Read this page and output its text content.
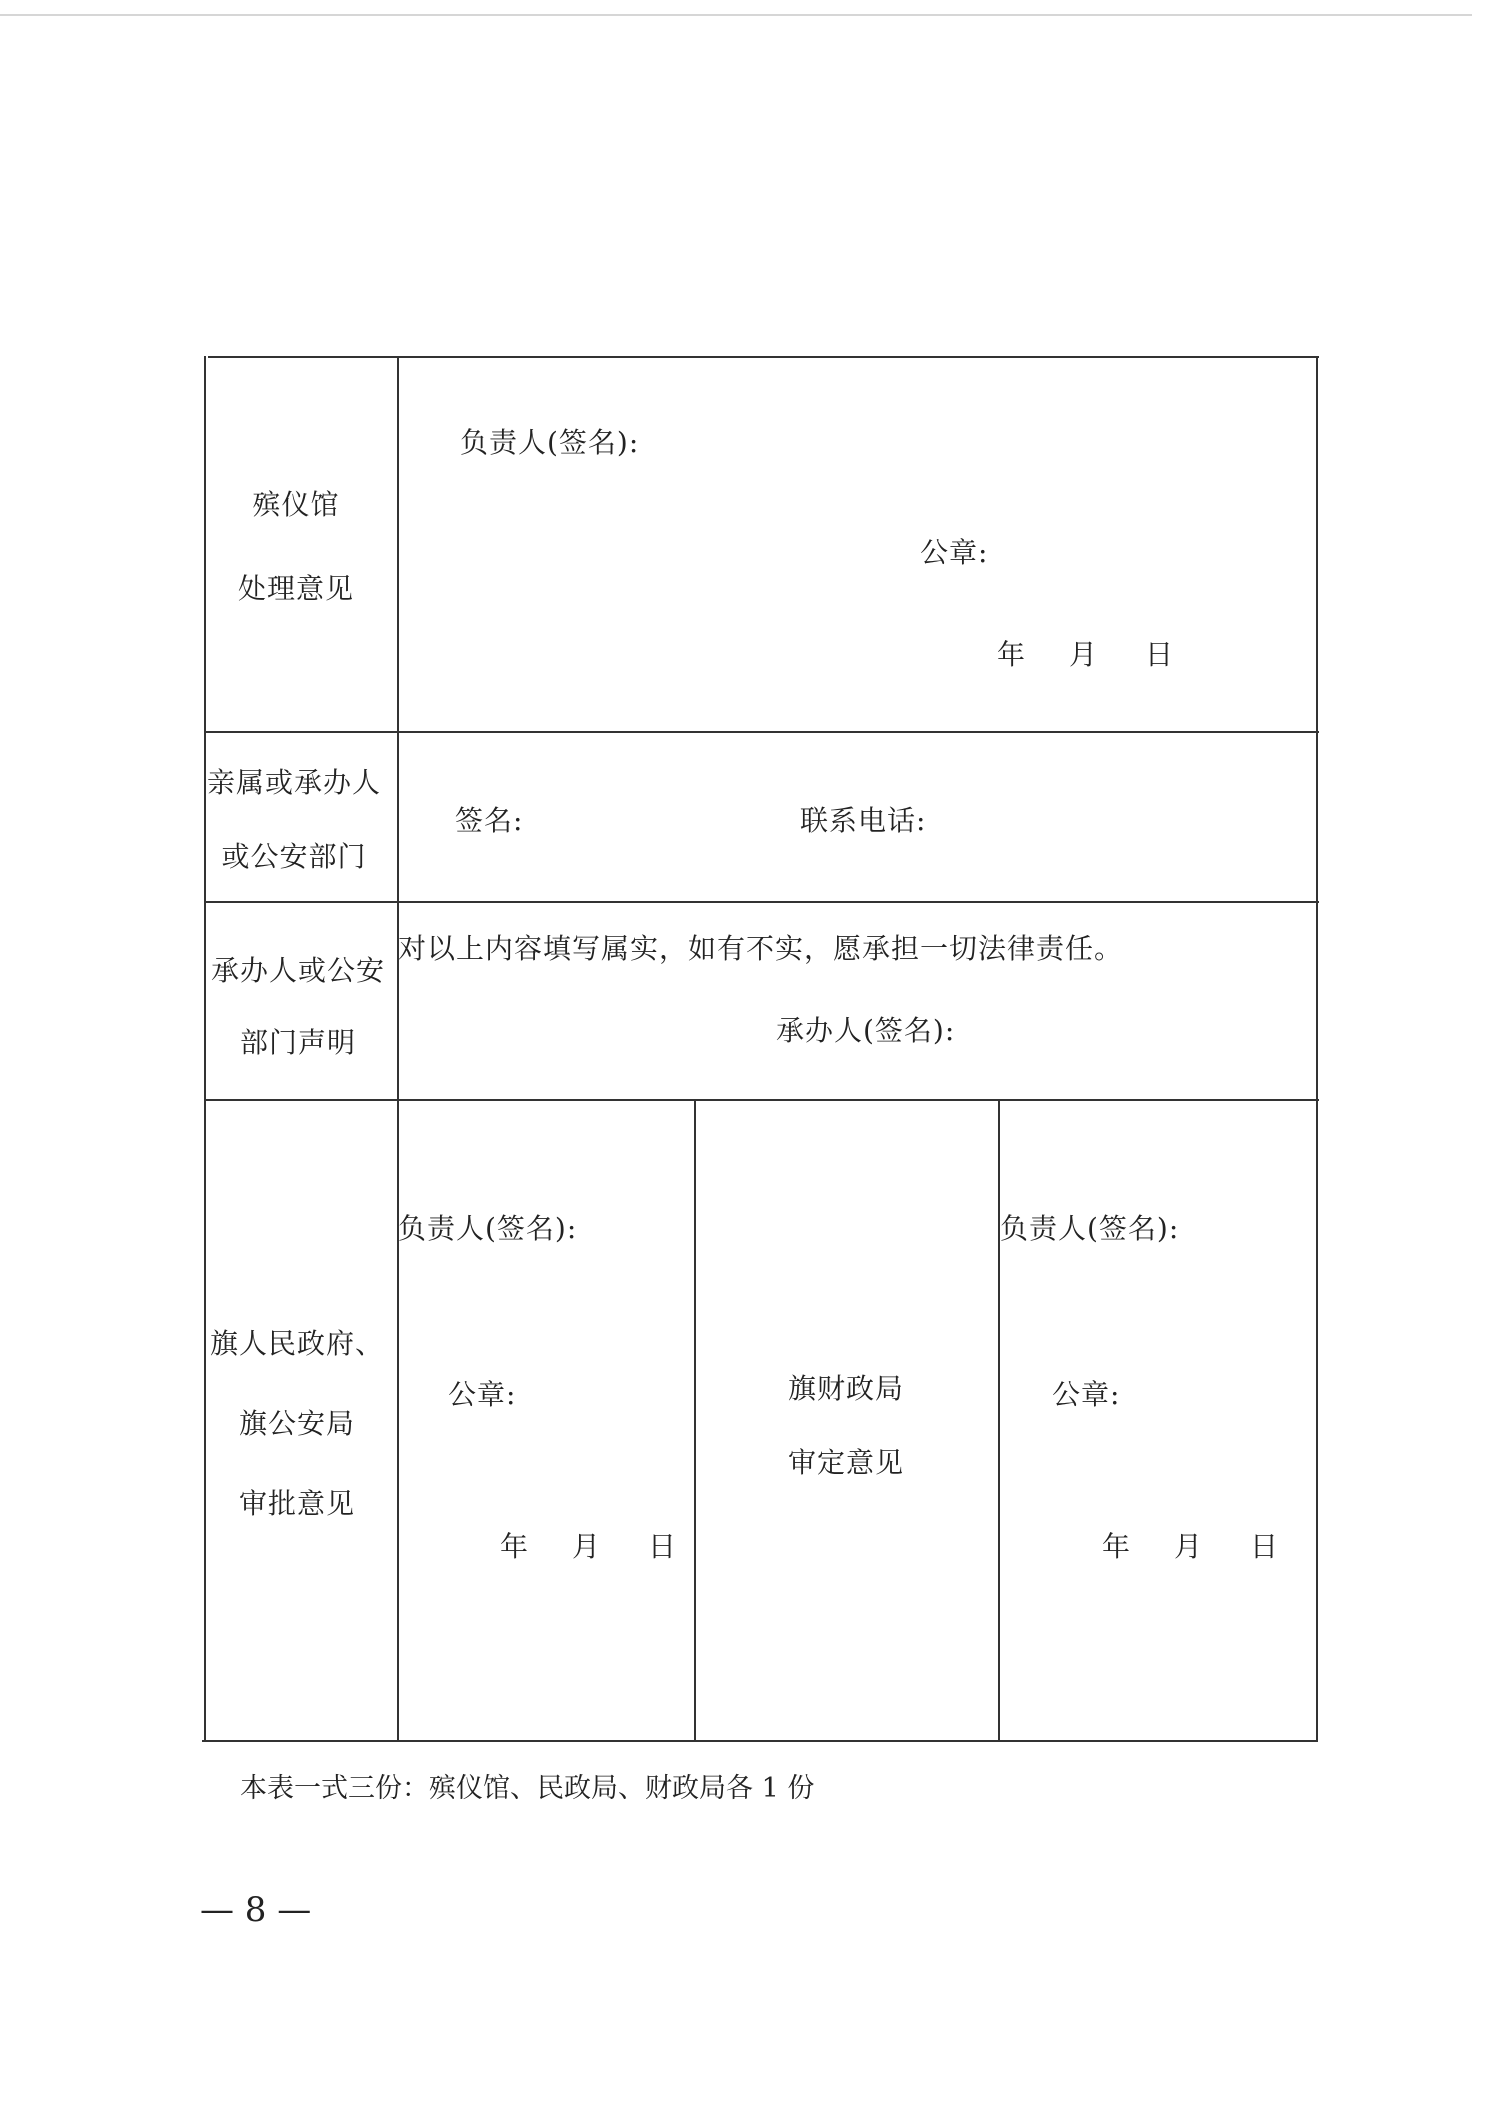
殡仪馆
处理意见
负责人(签名):
公章:
年 月 日
亲属或承办人
或公安部门
签名:	联系电话:
承办人或公安
部门声明
对以上内容填写属实，如有不实，愿承担一切法律责任。
承办人(签名):
旗人民政府、
旗公安局
审批意见
负责人(签名):
公章:
年 月 日
旗财政局
审定意见
负责人(签名):
公章:
年 月 日
本表一式三份：殡仪馆、民政局、财政局各 1 份
— 8 —
